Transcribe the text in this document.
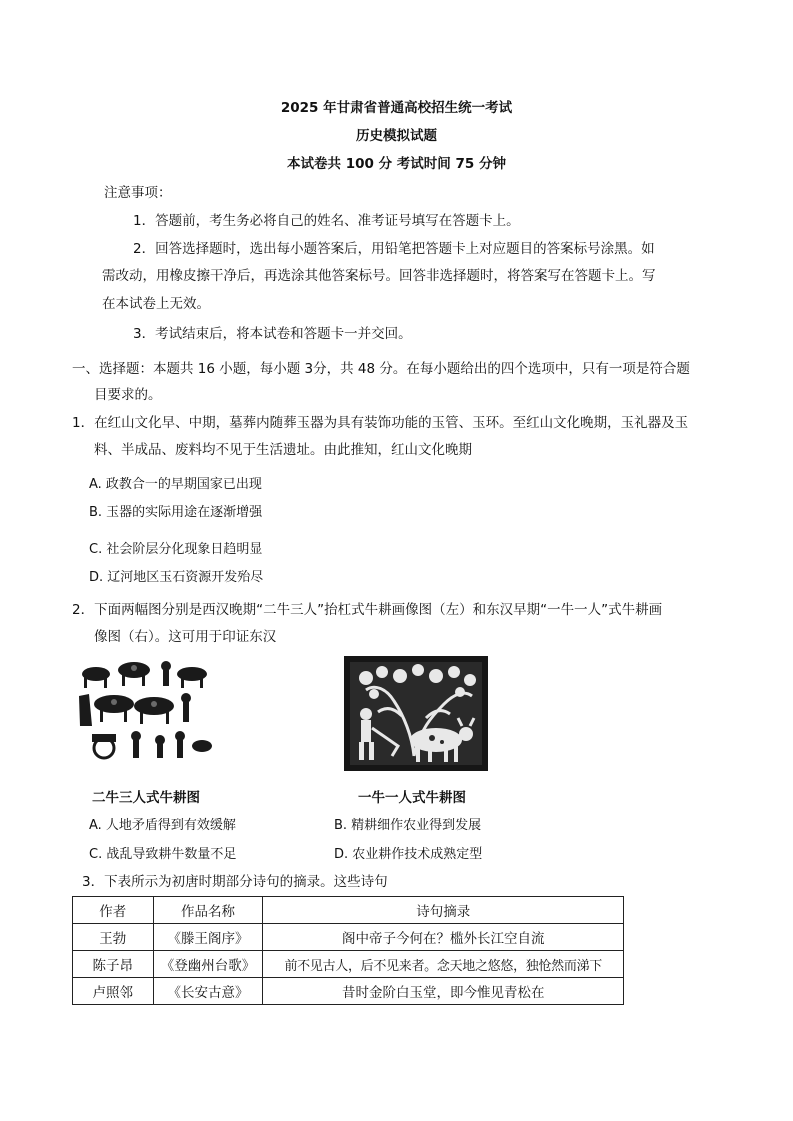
2025 年甘肃省普通高校招生统一考试
历史模拟试题
本试卷共 100 分 考试时间 75 分钟
注意事项：
1．答题前，考生务必将自己的姓名、准考证号填写在答题卡上。
2．回答选择题时，选出每小题答案后，用铅笔把答题卡上对应题目的答案标号涂黑。如
需改动，用橡皮擦干净后，再选涂其他答案标号。回答非选择题时，将答案写在答题卡上。写
在本试卷上无效。
3．考试结束后，将本试卷和答题卡一并交回。
一、选择题：本题共 16 小题，每小题 3分，共 48 分。在每小题给出的四个选项中，只有一项是符合题
目要求的。
1．在红山文化早、中期，墓葬内随葬玉器为具有装饰功能的玉管、玉环。至红山文化晚期，玉礼器及玉
料、半成品、废料均不见于生活遗址。由此推知，红山文化晚期
A. 政教合一的早期国家已出现
B. 玉器的实际用途在逐渐增强
C. 社会阶层分化现象日趋明显
D. 辽河地区玉石资源开发殆尽
2．下面两幅图分别是西汉晚期“二牛三人”抬杠式牛耕画像图（左）和东汉早期“一牛一人”式牛耕画
像图（右）。这可用于印证东汉
二牛三人式牛耕图	一牛一人式牛耕图
A. 人地矛盾得到有效缓解	B. 精耕细作农业得到发展
C. 战乱导致耕牛数量不足	D. 农业耕作技术成熟定型
3．下表所示为初唐时期部分诗句的摘录。这些诗句
作者	作品名称	诗句摘录
王勃	《滕王阁序》	阁中帝子今何在？槛外长江空自流
陈子昂	《登幽州台歌》	前不见古人，后不见来者。念天地之悠悠，独怆然而涕下
卢照邻	《长安古意》	昔时金阶白玉堂，即今惟见青松在
